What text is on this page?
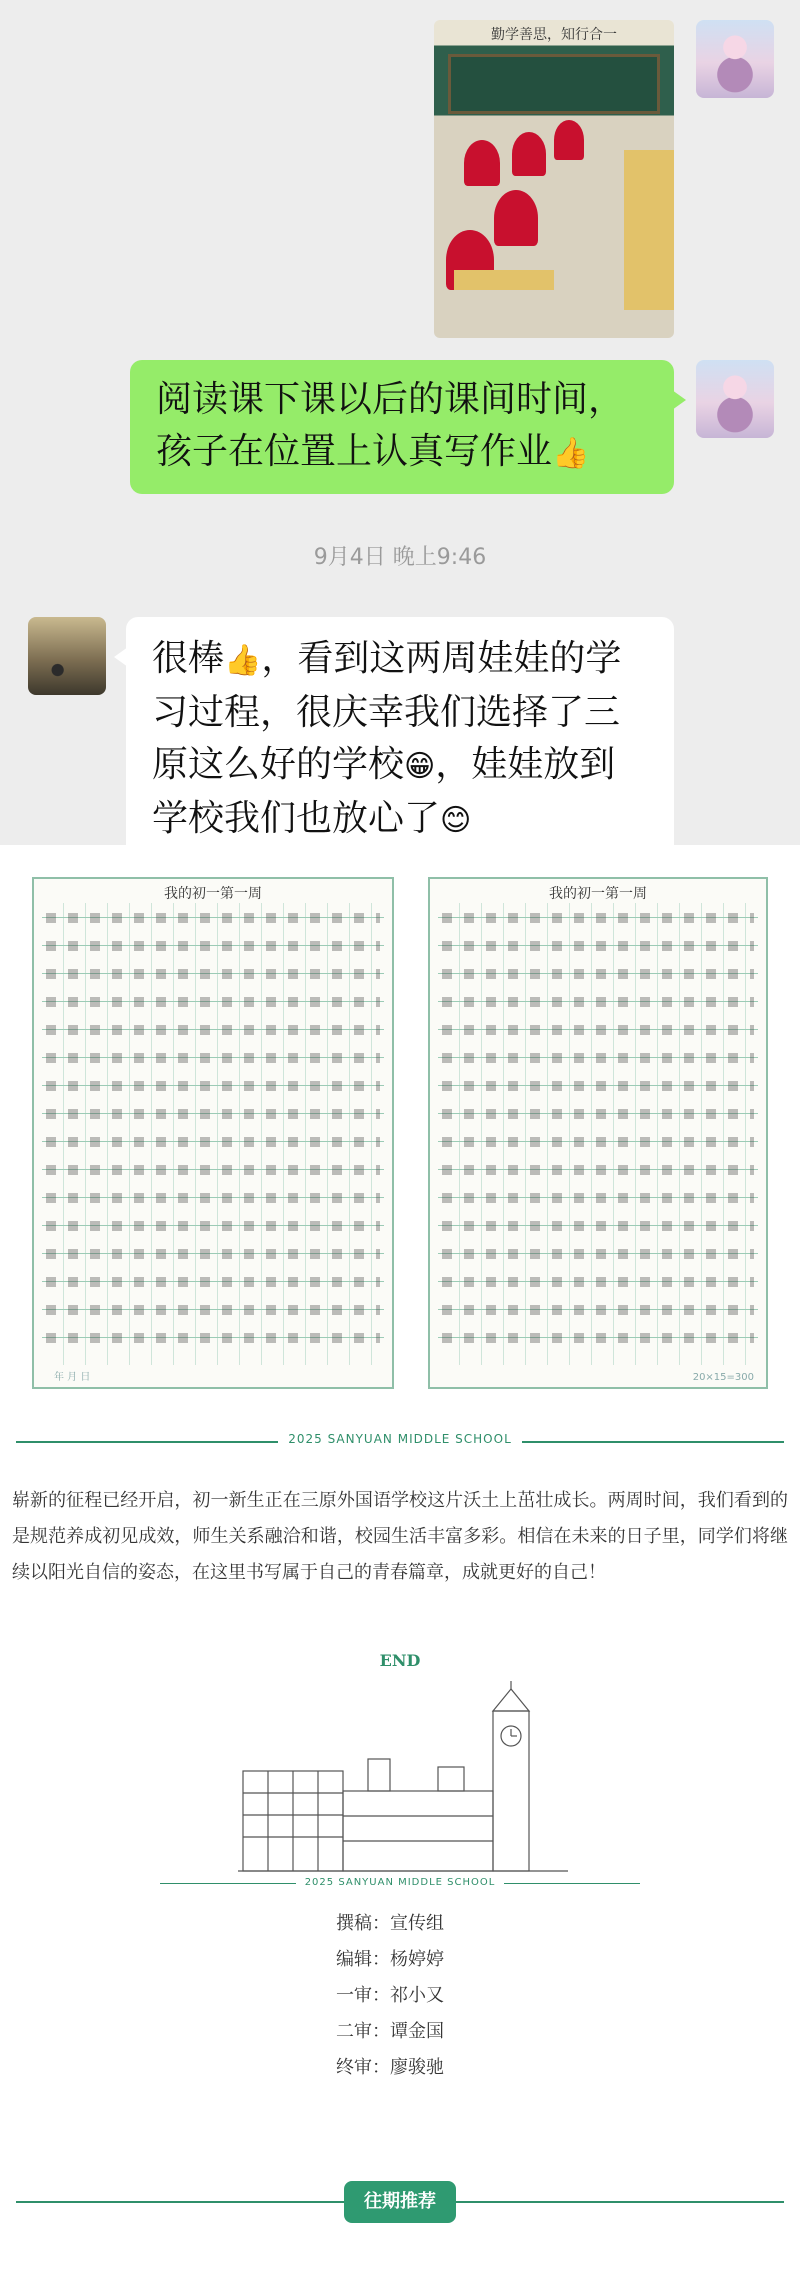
勤学善思，知行合一
阅读课下课以后的课间时间，孩子在位置上认真写作业👍
9月4日 晚上9:46
很棒👍，看到这两周娃娃的学习过程，很庆幸我们选择了三原这么好的学校😁，娃娃放到学校我们也放心了😊
我的初一第一周
年 月 日
我的初一第一周
20×15=300
2025 SANYUAN MIDDLE SCHOOL

崭新的征程已经开启，初一新生正在三原外国语学校这片沃土上茁壮成长。两周时间，我们看到的是规范养成初见成效，师生关系融洽和谐，校园生活丰富多彩。相信在未来的日子里，同学们将继续以阳光自信的姿态，在这里书写属于自己的青春篇章，成就更好的自己！

END
2025 SANYUAN MIDDLE SCHOOL
撰稿：宣传组
编辑：杨婷婷
一审：祁小又
二审：谭金国
终审：廖骏驰
往期推荐
